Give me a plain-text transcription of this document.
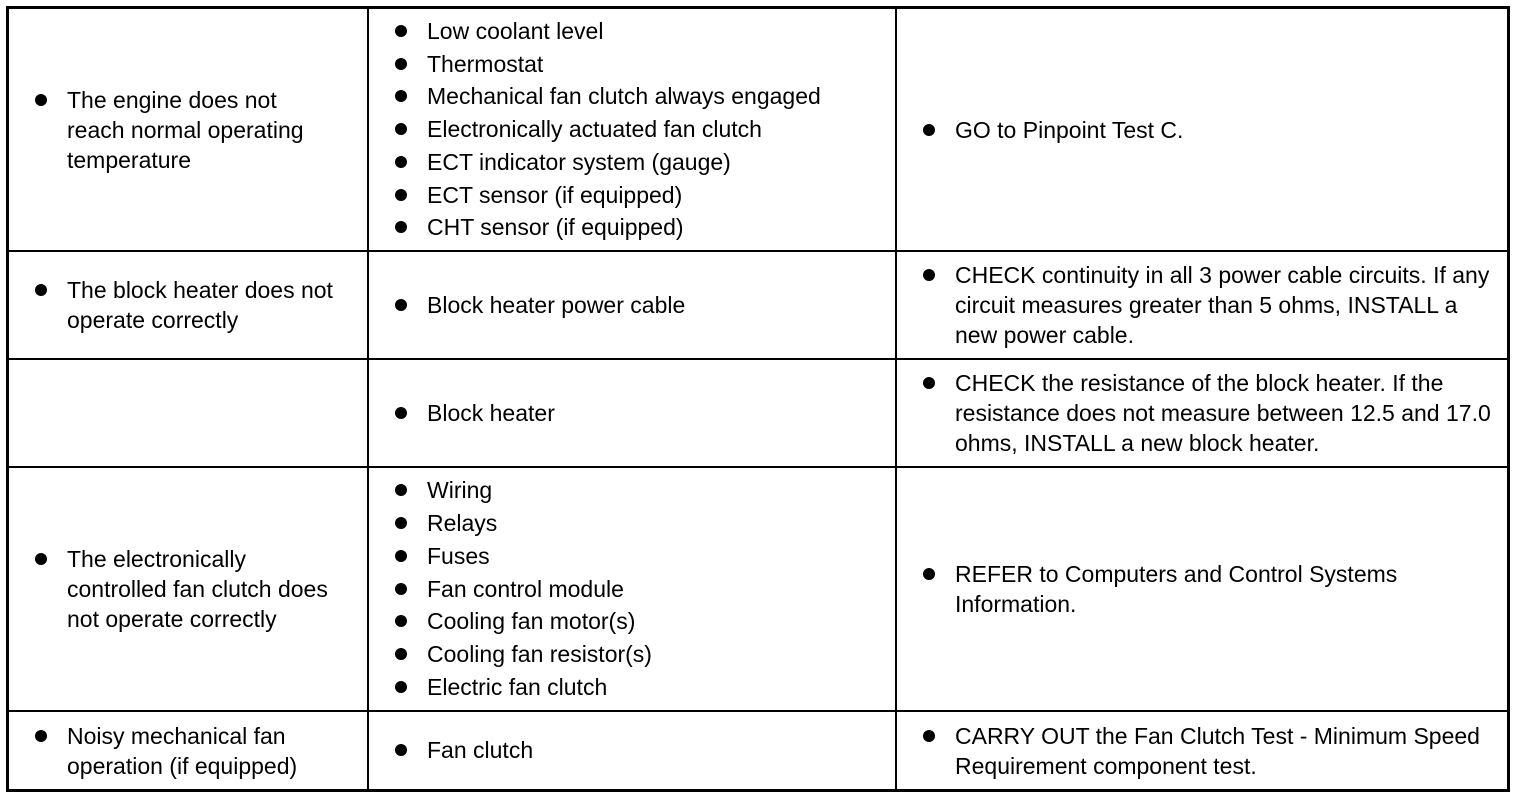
The engine does not reach normal operating temperature
Low coolant level
Thermostat
Mechanical fan clutch always engaged
Electronically actuated fan clutch
ECT indicator system (gauge)
ECT sensor (if equipped)
CHT sensor (if equipped)
GO to Pinpoint Test C.
The block heater does not operate correctly
Block heater power cable
CHECK continuity in all 3 power cable circuits. If any circuit measures greater than 5 ohms, INSTALL a new power cable.
Block heater
CHECK the resistance of the block heater. If the resistance does not measure between 12.5 and 17.0 ohms, INSTALL a new block heater.
The electronically controlled fan clutch does not operate correctly
Wiring
Relays
Fuses
Fan control module
Cooling fan motor(s)
Cooling fan resistor(s)
Electric fan clutch
REFER to Computers and Control Systems Information.
Noisy mechanical fan operation (if equipped)
Fan clutch
CARRY OUT the Fan Clutch Test - Minimum Speed Requirement component test.
